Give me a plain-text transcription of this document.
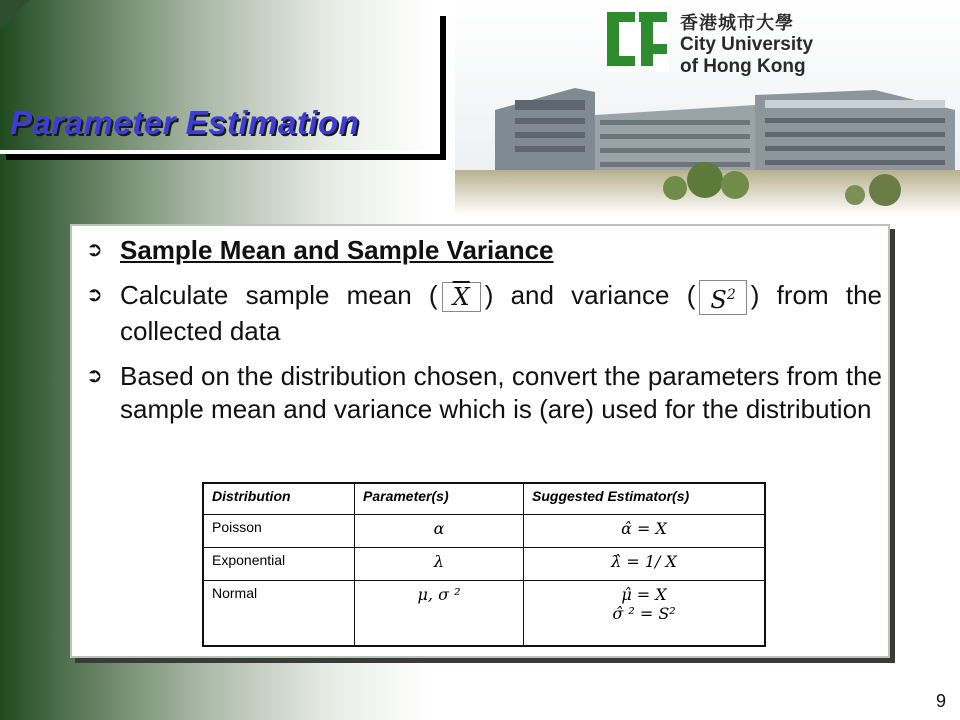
Parameter Estimation
香港城市大學
City University
of Hong Kong
➲ Sample Mean and Sample Variance
➲ Calculate sample mean ( $\overline{X}$ ) and variance ( $S^2$ ) from the collected data
➲ Based on the distribution chosen, convert the parameters from the sample mean and variance which is (are) used for the distribution
Distribution	Parameter(s)	Suggested Estimator(s)
Poisson	α	α̂ = X
Exponential	λ	λ̂ = 1/ X
Normal	μ, σ ²	μ̂ = X
σ̂ ² = S²
9
